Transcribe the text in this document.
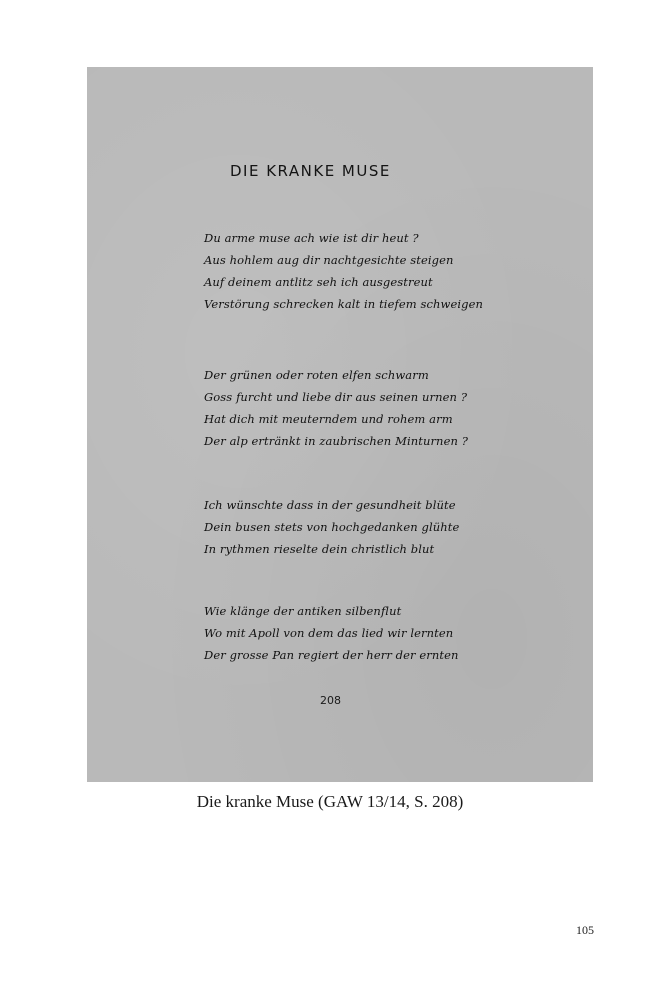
DIE KRANKE MUSE
Du arme muse ach wie ist dir heut ?
Aus hohlem aug dir nachtgesichte steigen
Auf deinem antlitz seh ich ausgestreut
Verstörung schrecken kalt in tiefem schweigen
Der grünen oder roten elfen schwarm
Goss furcht und liebe dir aus seinen urnen ?
Hat dich mit meuterndem und rohem arm
Der alp ertränkt in zaubrischen Minturnen ?
Ich wünschte dass in der gesundheit blüte
Dein busen stets von hochgedanken glühte
In rythmen rieselte dein christlich blut
Wie klänge der antiken silbenflut
Wo mit Apoll von dem das lied wir lernten
Der grosse Pan regiert der herr der ernten
208
Die kranke Muse (GAW 13/14, S. 208)
105
